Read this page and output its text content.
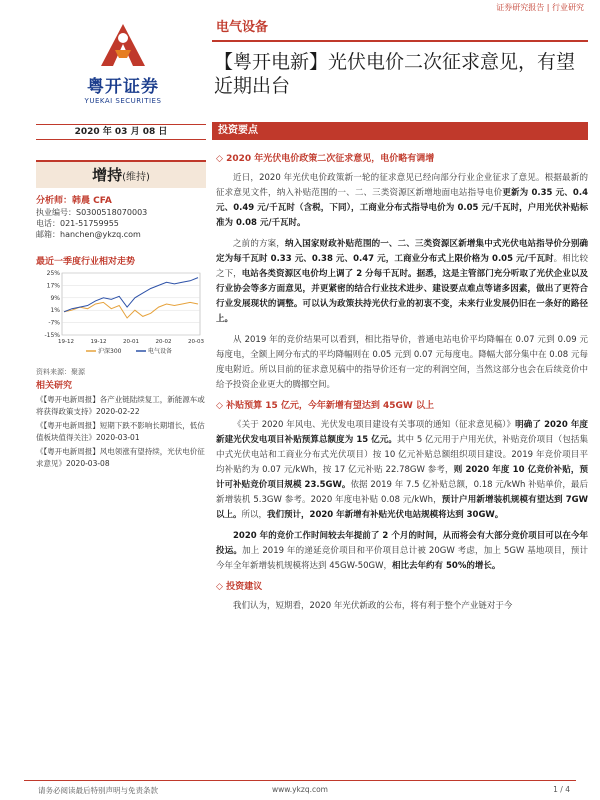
证券研究报告 | 行业研究
粤开证券
YUEKAI SECURITIES
电气设备
【粤开电新】光伏电价二次征求意见，有望近期出台
2020 年 03 月 08 日	投资要点
增持(维持)
分析师：韩晨 CFA
执业编号：S0300518070003
电话：021-51759955
邮箱：hanchen@ykzq.com
最近一季度行业相对走势
25%
17%
9%
1%
-7%
-15%
19-12	19-12	20-01	20-02	20-03
沪深300	电气设备
资料来源：聚源
相关研究
《【粤开电新周报】各产业链陆续复工，新能源车或将获得政策支持》2020-02-22
《【粤开电新周报】短期下跌不影响长期增长，低估值板块值得关注》2020-03-01
《【粤开电新周报】风电领涨有望持续，光伏电价征求意见》2020-03-08
◇ 2020 年光伏电价政策二次征求意见，电价略有调增

近日，2020 年光伏电价政策新一轮的征求意见已经向部分行业企业征求了意见。根据最新的征求意见文件，纳入补贴范围的一、二、三类资源区新增地面电站指导电价更新为 0.35 元、0.4 元、0.49 元/千瓦时（含税，下同），工商业分布式指导电价为 0.05 元/千瓦时，户用光伏补贴标准为 0.08 元/千瓦时。

之前的方案，纳入国家财政补贴范围的一、二、三类资源区新增集中式光伏电站指导价分别确定为每千瓦时 0.33 元、0.38 元、0.47 元，工商业分布式上限价格为 0.05 元/千瓦时。相比较之下，电站各类资源区电价均上调了 2 分每千瓦时。据悉，这是主管部门充分听取了光伏企业以及行业协会等多方面意见，并更紧密的结合行业技术进步、建设要点难点等诸多因素，做出了更符合行业发展现状的调整。可以认为政策扶持光伏行业的初衷不变，未来行业发展仍旧在一条好的路径上。

从 2019 年的竞价结果可以看到，相比指导价，普通电站电价平均降幅在 0.07 元到 0.09 元每度电，全额上网分布式的平均降幅则在 0.05 元到 0.07 元每度电。降幅大部分集中在 0.08 元每度电附近。所以目前的征求意见稿中的指导价还有一定的利润空间，当然这部分也会在后续竞价中给予投资企业更大的腾挪空间。

◇ 补贴预算 15 亿元，今年新增有望达到 45GW 以上

《关于 2020 年风电、光伏发电项目建设有关事项的通知（征求意见稿）》明确了 2020 年度新建光伏发电项目补贴预算总额度为 15 亿元。其中 5 亿元用于户用光伏，补贴竞价项目（包括集中式光伏电站和工商业分布式光伏项目）按 10 亿元补贴总额组织项目建设。2019 年竞价项目平均补贴约为 0.07 元/kWh，按 17 亿元补贴 22.78GW 参考，则 2020 年度 10 亿竞价补贴，预计可补贴竞价项目规模 23.5GW。依据 2019 年 7.5 亿补贴总额，0.18 元/kWh 补贴单价，最后新增装机 5.3GW 参考。2020 年度电补贴 0.08 元/kWh，预计户用新增装机规模有望达到 7GW 以上。所以，我们预计，2020 年新增有补贴光伏电站规模将达到 30GW。

2020 年的竞价工作时间较去年提前了 2 个月的时间，从而将会有大部分竞价项目可以在今年投运。加上 2019 年的递延竞价项目和平价项目总计被 20GW 考虑，加上 5GW 基地项目，预计今年全年新增装机规模将达到 45GW-50GW，相比去年约有 50%的增长。

◇ 投资建议

我们认为，短期看，2020 年光伏新政的公布，将有利于整个产业链对于今

请务必阅读最后特别声明与免责条款	www.ykzq.com	1 / 4
